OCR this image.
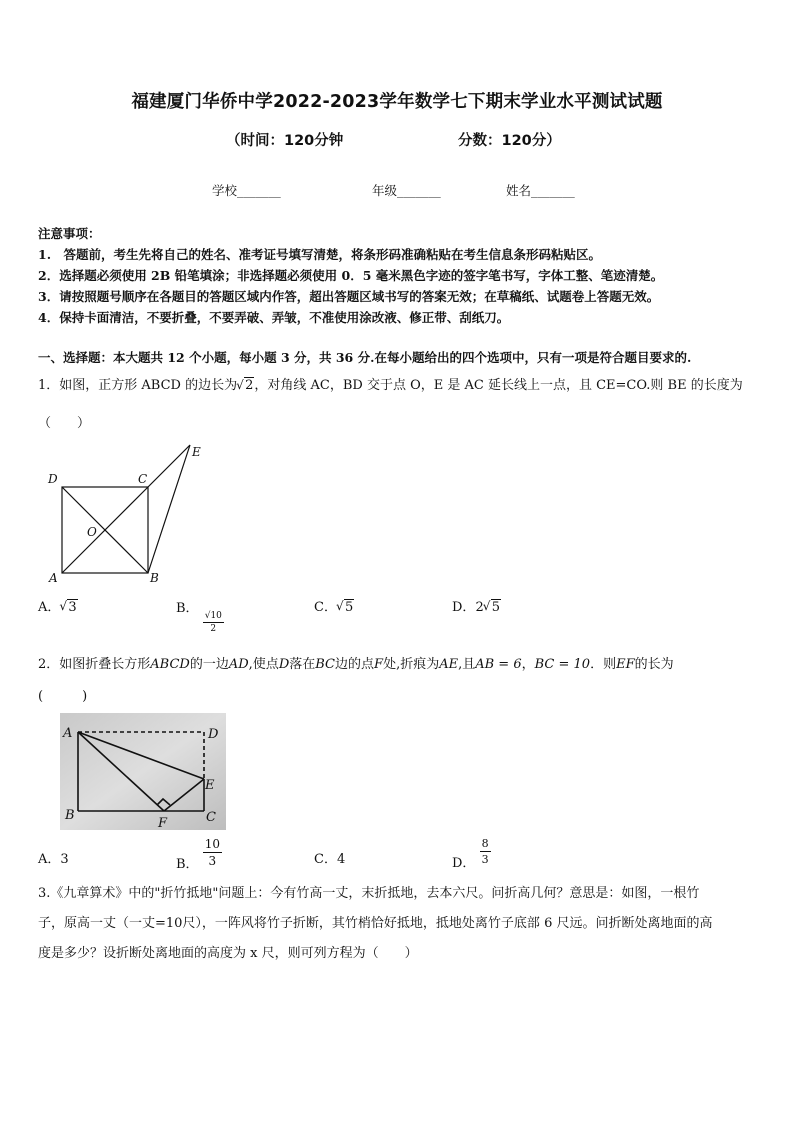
福建厦门华侨中学2022-2023学年数学七下期末学业水平测试试题
（时间：120分钟	分数：120分）
学校_______	年级_______	姓名_______
注意事项：
1.　答题前，考生先将自己的姓名、准考证号填写清楚，将条形码准确粘贴在考生信息条形码粘贴区。
2．选择题必须使用 2B 铅笔填涂；非选择题必须使用 0．5 毫米黑色字迹的签字笔书写，字体工整、笔迹清楚。
3．请按照题号顺序在各题目的答题区域内作答，超出答题区域书写的答案无效；在草稿纸、试题卷上答题无效。
4．保持卡面清洁，不要折叠，不要弄破、弄皱，不准使用涂改液、修正带、刮纸刀。
一、选择题：本大题共 12 个小题，每小题 3 分，共 36 分.在每小题给出的四个选项中，只有一项是符合题目要求的.
1．如图，正方形 ABCD 的边长为 √ 2，对角线 AC，BD 交于点 O，E 是 AC 延长线上一点，且 CE=CO.则 BE 的长度为
（　　）
D	C
E
O
A	B
A． √ 3	B．
$\frac{√10}{2}$
C． √ 5	D．2 √ 5
2．如图折叠长方形ABCD的一边AD,使点D落在BC边的点F处,折痕为AE,且AB = 6，BC = 10．则EF的长为
(　　　)
A	D
E
B
F	C
A．3	B． $\frac{10}{3}$	C．4	D． $\frac{8}{3}$
3.《九章算术》中的"折竹抵地"问题上：今有竹高一丈，末折抵地，去本六尺。问折高几何？意思是：如图，一根竹
子，原高一丈（一丈=10尺），一阵风将竹子折断，其竹梢恰好抵地，抵地处离竹子底部 6 尺远。问折断处离地面的高
度是多少？设折断处离地面的高度为 x 尺，则可列方程为（　　）
